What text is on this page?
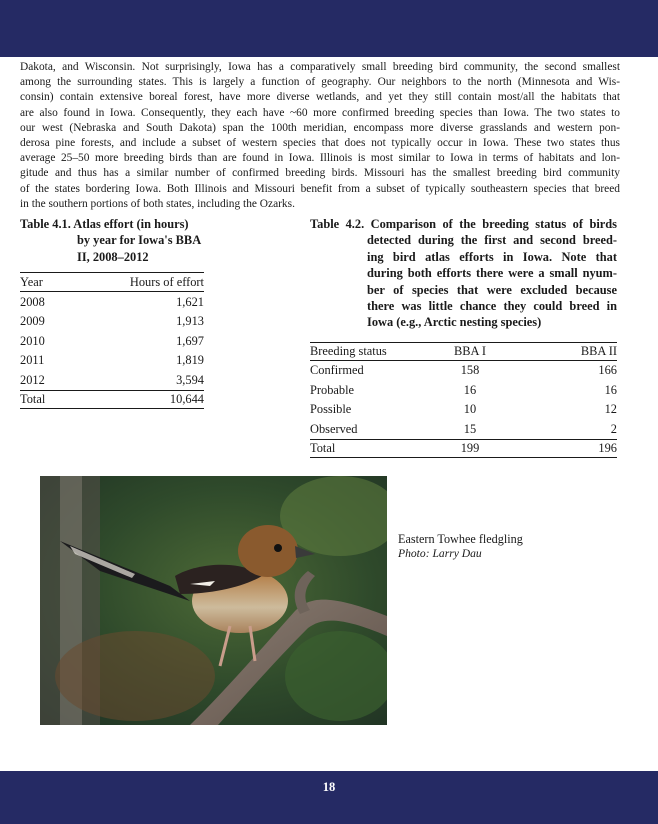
Dakota, and Wisconsin. Not surprisingly, Iowa has a comparatively small breeding bird community, the second smallest
among the surrounding states. This is largely a function of geography. Our neighbors to the north (Minnesota and Wis-
consin) contain extensive boreal forest, have more diverse wetlands, and yet they still contain most/all the habitats that
are also found in Iowa. Consequently, they each have ~60 more confirmed breeding species than Iowa. The two states to
our west (Nebraska and South Dakota) span the 100th meridian, encompass more diverse grasslands and western pon-
derosa pine forests, and include a subset of western species that does not typically occur in Iowa. These two states thus
average 25–50 more breeding birds than are found in Iowa. Illinois is most similar to Iowa in terms of habitats and lon-
gitude and thus has a similar number of confirmed breeding birds. Missouri has the smallest breeding bird community
of the states bordering Iowa. Both Illinois and Missouri benefit from a subset of typically southeastern species that breed
in the southern portions of both states, including the Ozarks.
Table 4.1. Atlas effort (in hours)
by year for Iowa's BBA
II, 2008–2012
Year	Hours of effort
2008	1,621
2009	1,913
2010	1,697
2011	1,819
2012	3,594
Total	10,644
Table 4.2. Comparison of the breeding status of birds
detected during the first and second breed-
ing bird atlas efforts in Iowa. Note that
during both efforts there were a small nyum-
ber of species that were excluded because
there was little chance they could breed in
Iowa (e.g., Arctic nesting species)
Breeding status	BBA I	BBA II
Confirmed	158	166
Probable	16	16
Possible	10	12
Observed	15	2
Total	199	196
Eastern Towhee fledgling
Photo: Larry Dau
18
